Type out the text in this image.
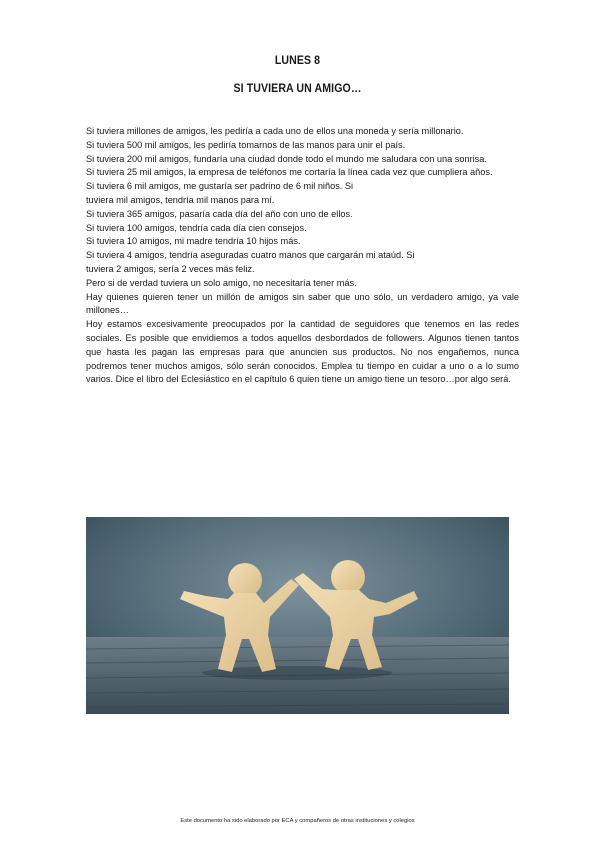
LUNES 8
SI TUVIERA UN AMIGO…

Si tuviera millones de amigos, les pediría a cada uno de ellos una moneda y sería millonario.

Si tuviera 500 mil amigos, les pediría tomarnos de las manos para unir el país.

Si tuviera 200 mil amigos, fundaría una ciudad donde todo el mundo me saludara con una sonrisa.

Si tuviera 25 mil amigos, la empresa de teléfonos me cortaría la línea cada vez que cumpliera años.

Si tuviera 6 mil amigos, me gustaría ser padrino de 6 mil niños. Si

tuviera mil amigos, tendría mil manos para mí.

Si tuviera 365 amigos, pasaría cada día del año con uno de ellos.

Si tuviera 100 amigos, tendría cada día cien consejos.

Si tuviera 10 amigos, mi madre tendría 10 hijos más.

Si tuviera 4 amigos, tendría aseguradas cuatro manos que cargarán mi ataúd. Si

tuviera 2 amigos, sería 2 veces más feliz.

Pero si de verdad tuviera un solo amigo, no necesitaría tener más.

Hay quienes quieren tener un millón de amigos sin saber que uno sólo, un verdadero amigo, ya vale millones…

Hoy estamos excesivamente preocupados por la cantidad de seguidores que tenemos en las redes sociales. Es posible que envidiemos a todos aquellos desbordados de followers. Algunos tienen tantos que hasta les pagan las empresas para que anuncien sus productos. No nos engañemos, nunca podremos tener muchos amigos, sólo serán conocidos. Emplea tu tiempo en cuidar a uno o a lo sumo varios. Dice el libro del Eclesiástico en el capítulo 6 quien tiene un amigo tiene un tesoro…por algo será.

Este documento ha sido elaborado por ECA y compañeros de otras instituciones y colegios
